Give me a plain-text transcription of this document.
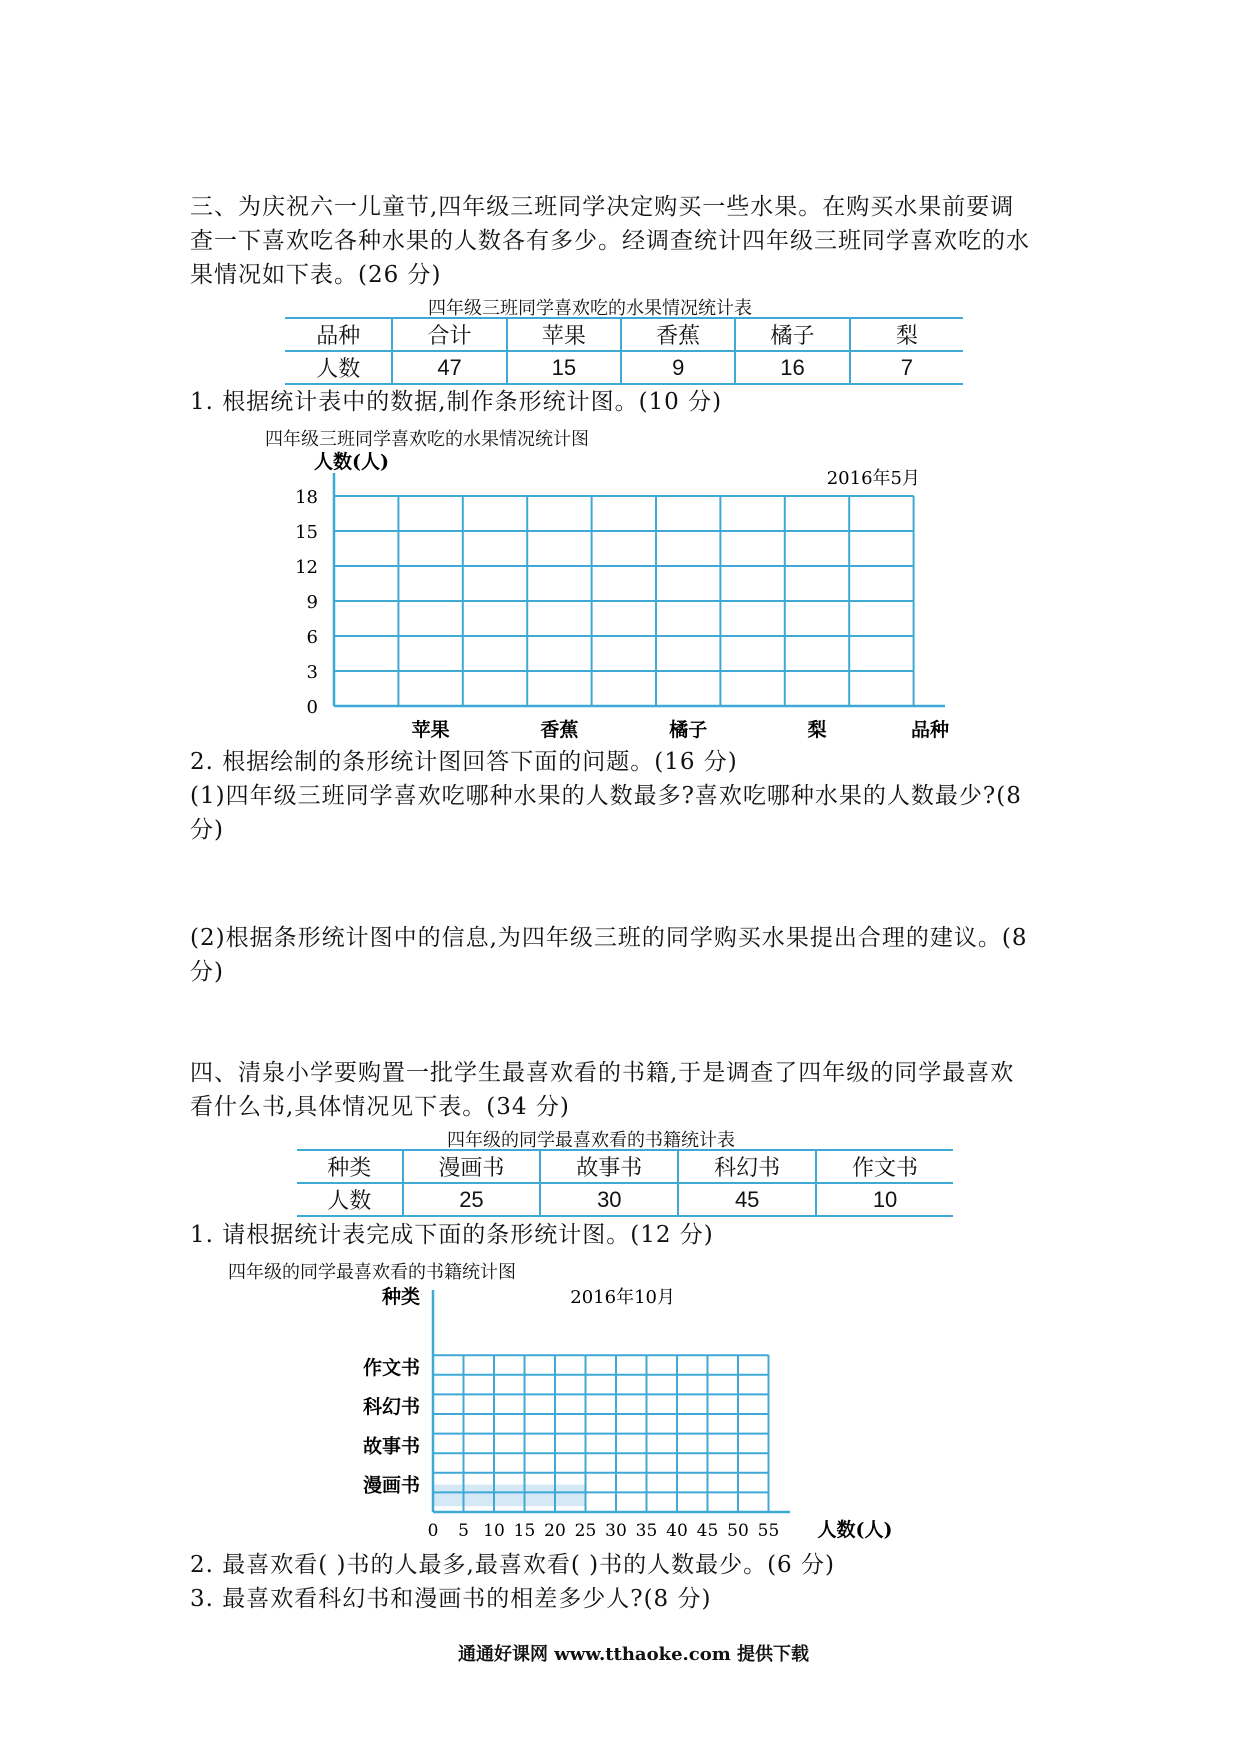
三、为庆祝六一儿童节,四年级三班同学决定购买一些水果。在购买水果前要调
查一下喜欢吃各种水果的人数各有多少。经调查统计四年级三班同学喜欢吃的水
果情况如下表。(26 分)
四年级三班同学喜欢吃的水果情况统计表
品种	合计	苹果	香蕉	橘子	梨
人数	47	15	9	16	7
1. 根据统计表中的数据,制作条形统计图。(10 分)
四年级三班同学喜欢吃的水果情况统计图
人数(人)
2016年5月
0
3
6
9
12
15
18
苹果	香蕉	橘子	梨	品种
2. 根据绘制的条形统计图回答下面的问题。(16 分)
(1)四年级三班同学喜欢吃哪种水果的人数最多?喜欢吃哪种水果的人数最少?(8
分)
(2)根据条形统计图中的信息,为四年级三班的同学购买水果提出合理的建议。(8
分)
四、清泉小学要购置一批学生最喜欢看的书籍,于是调查了四年级的同学最喜欢
看什么书,具体情况见下表。(34 分)
四年级的同学最喜欢看的书籍统计表
种类	漫画书	故事书	科幻书	作文书
人数	25	30	45	10
1. 请根据统计表完成下面的条形统计图。(12 分)
四年级的同学最喜欢看的书籍统计图
种类	2016年10月
0 5 10 15 20 25 30 35 40 45 50 55
漫画书
故事书
科幻书
作文书
人数(人)
2. 最喜欢看( )书的人最多,最喜欢看( )书的人数最少。(6 分)
3. 最喜欢看科幻书和漫画书的相差多少人?(8 分)
通通好课网 www.tthaoke.com 提供下载
